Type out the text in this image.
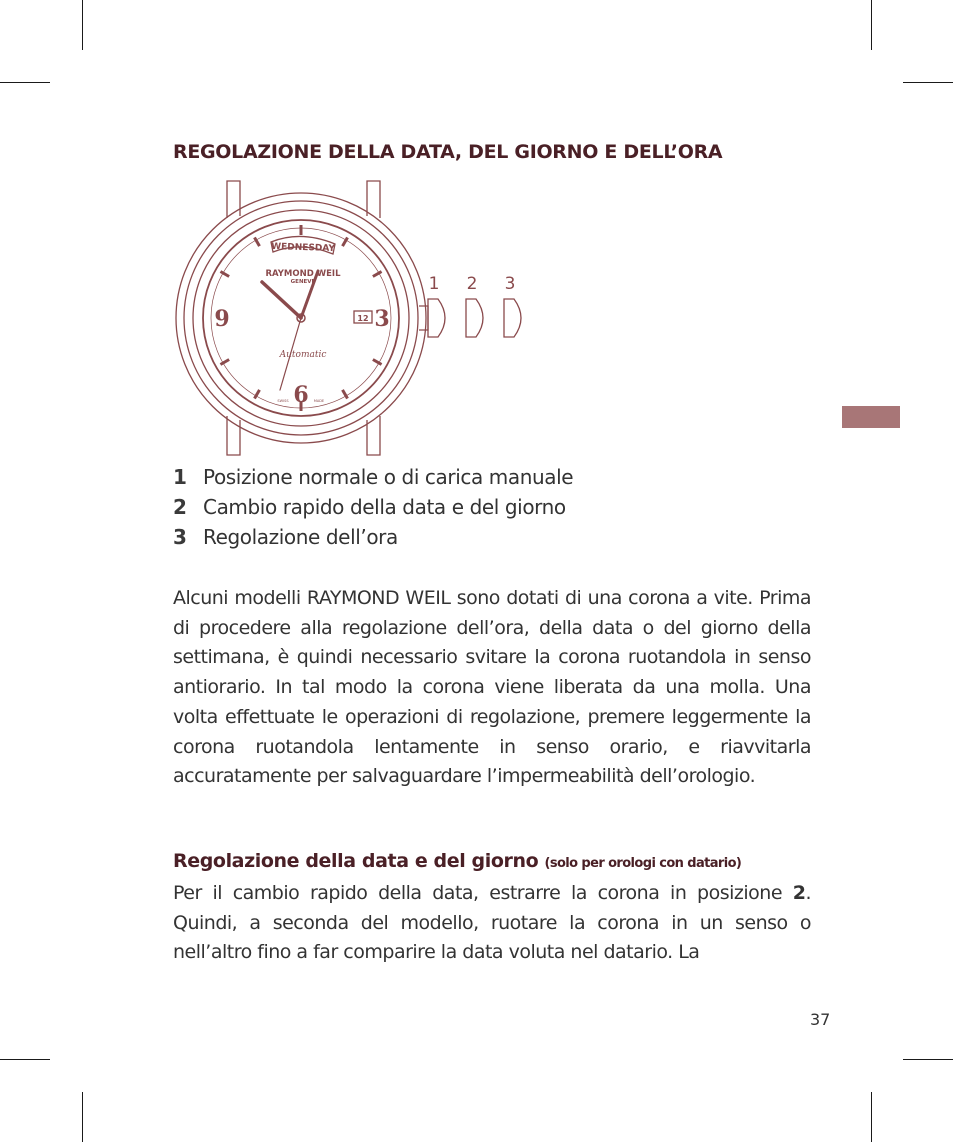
REGOLAZIONE DELLA DATA, DEL GIORNO E DELL’ORA
WEDNESDAY
RAYMOND WEIL
GENEVE
Automatic
12
9	3
6
SWISS	MADE
1 2 3
1 Posizione normale o di carica manuale
2 Cambio rapido della data e del giorno
3 Regolazione dell’ora

Alcuni modelli RAYMOND WEIL sono dotati di una corona a vite. Prima di procedere alla regolazione dell’ora, della data o del giorno della settimana, è quindi necessario svitare la corona ruotandola in senso antiorario. In tal modo la corona viene liberata da una molla. Una volta effettuate le operazioni di regolazione, premere leggermente la corona ruotandola lentamente in senso orario, e riavvitarla accuratamente per salvaguardare l’impermeabilità dell’orologio.

Regolazione della data e del giorno (solo per orologi con datario)

Per il cambio rapido della data, estrarre la corona in posizione 2. Quindi, a seconda del modello, ruotare la corona in un senso o nell’altro fino a far comparire la data voluta nel datario. La

37
